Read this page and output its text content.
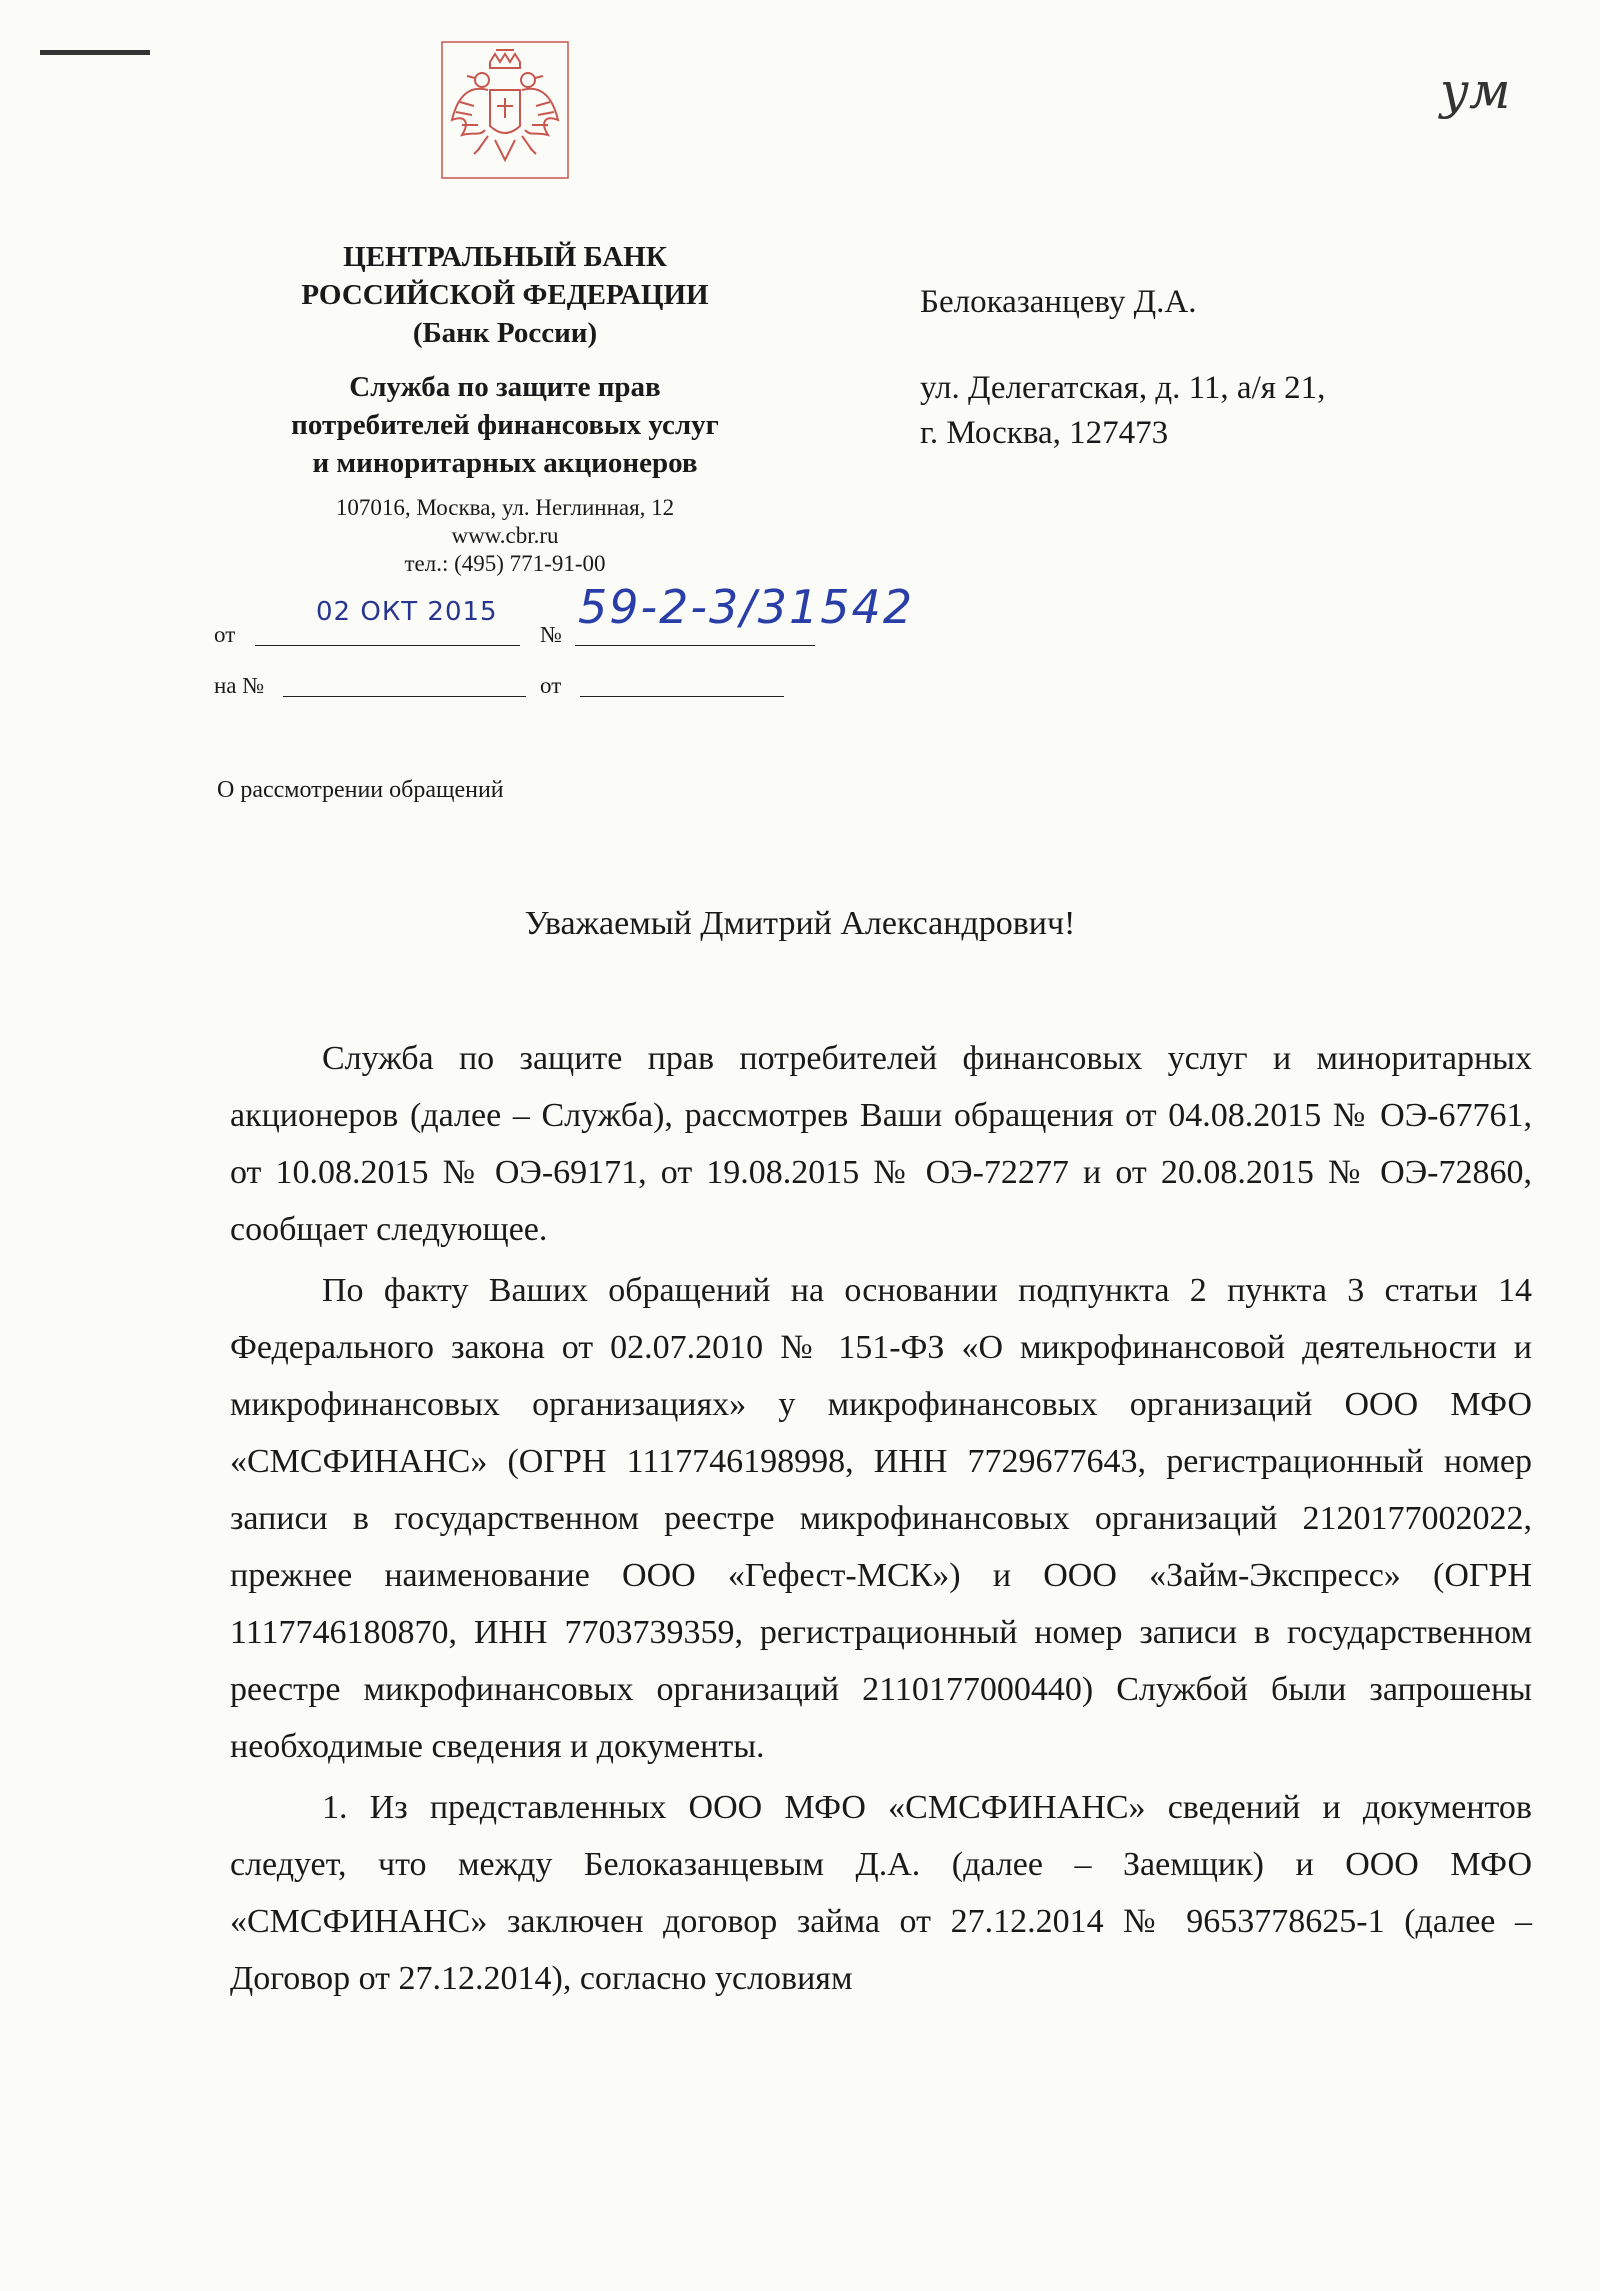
ум
ЦЕНТРАЛЬНЫЙ БАНК
РОССИЙСКОЙ ФЕДЕРАЦИИ
(Банк России)
Служба по защите прав
потребителей финансовых услуг
и миноритарных акционеров
107016, Москва, ул. Неглинная, 12
www.cbr.ru
тел.: (495) 771-91-00
Белоказанцеву Д.А.
ул. Делегатская, д. 11, а/я 21,
г. Москва, 127473
от
02 ОКТ 2015
№
59-2-3/31542
на №	от
О рассмотрении обращений
Уважаемый Дмитрий Александрович!

Служба по защите прав потребителей финансовых услуг и миноритарных акционеров (далее – Служба), рассмотрев Ваши обращения от 04.08.2015 № ОЭ-67761, от 10.08.2015 № ОЭ-69171, от 19.08.2015 № ОЭ-72277 и от 20.08.2015 № ОЭ-72860, сообщает следующее.

По факту Ваших обращений на основании подпункта 2 пункта 3 статьи 14 Федерального закона от 02.07.2010 № 151-ФЗ «О микрофинансовой деятельности и микрофинансовых организациях» у микрофинансовых организаций ООО МФО «СМСФИНАНС» (ОГРН 1117746198998, ИНН 7729677643, регистрационный номер записи в государственном реестре микрофинансовых организаций 2120177002022, прежнее наименование ООО «Гефест-МСК») и ООО «Займ-Экспресс» (ОГРН 1117746180870, ИНН 7703739359, регистрационный номер записи в государственном реестре микрофинансовых организаций 2110177000440) Службой были запрошены необходимые сведения и документы.

1. Из представленных ООО МФО «СМСФИНАНС» сведений и документов следует, что между Белоказанцевым Д.А. (далее – Заемщик) и ООО МФО «СМСФИНАНС» заключен договор займа от 27.12.2014 № 9653778625-1 (далее – Договор от 27.12.2014), согласно условиям
